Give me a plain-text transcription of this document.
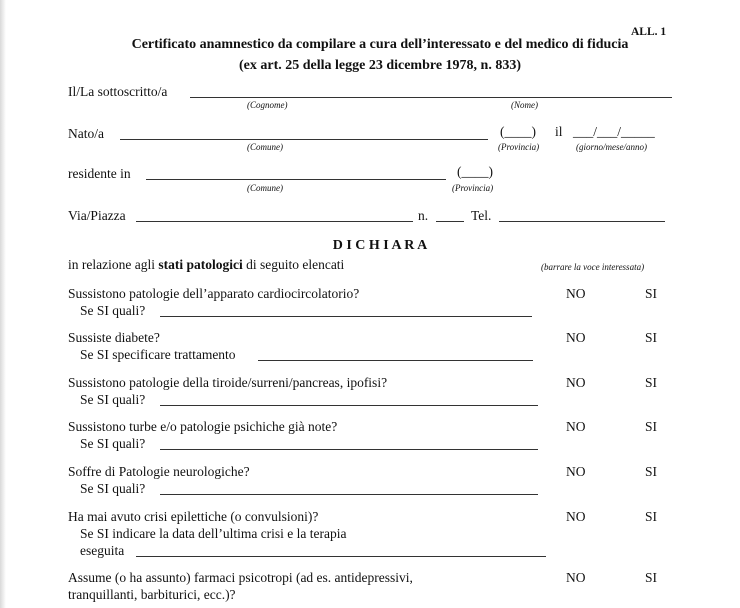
ALL. 1
Certificato anamnestico da compilare a cura dell’interessato e del medico di fiducia
(ex art. 25 della legge 23 dicembre 1978, n. 833)
Il/La sottoscritto/a
(Cognome)	(Nome)
Nato/a
(Comune)
(____)
(Provincia)
il ___/___/_____
(giorno/mese/anno)
residente in
(Comune)
(____)
(Provincia)
Via/Piazza	n.	Tel.
D I C H I A R A
in relazione agli stati patologici di seguito elencati	(barrare la voce interessata)
Sussistono patologie dell’apparato cardiocircolatorio?
Se SI quali?
NO	SI
Sussiste diabete?
Se SI specificare trattamento
NO	SI
Sussistono patologie della tiroide/surreni/pancreas, ipofisi?
Se SI quali?
NO	SI
Sussistono turbe e/o patologie psichiche già note?
Se SI quali?
NO	SI
Soffre di Patologie neurologiche?
Se SI quali?
NO	SI
Ha mai avuto crisi epilettiche (o convulsioni)?
Se SI indicare la data dell’ultima crisi e la terapia
eseguita
NO	SI
Assume (o ha assunto) farmaci psicotropi (ad es. antidepressivi,
tranquillanti, barbiturici, ecc.)?
NO	SI
